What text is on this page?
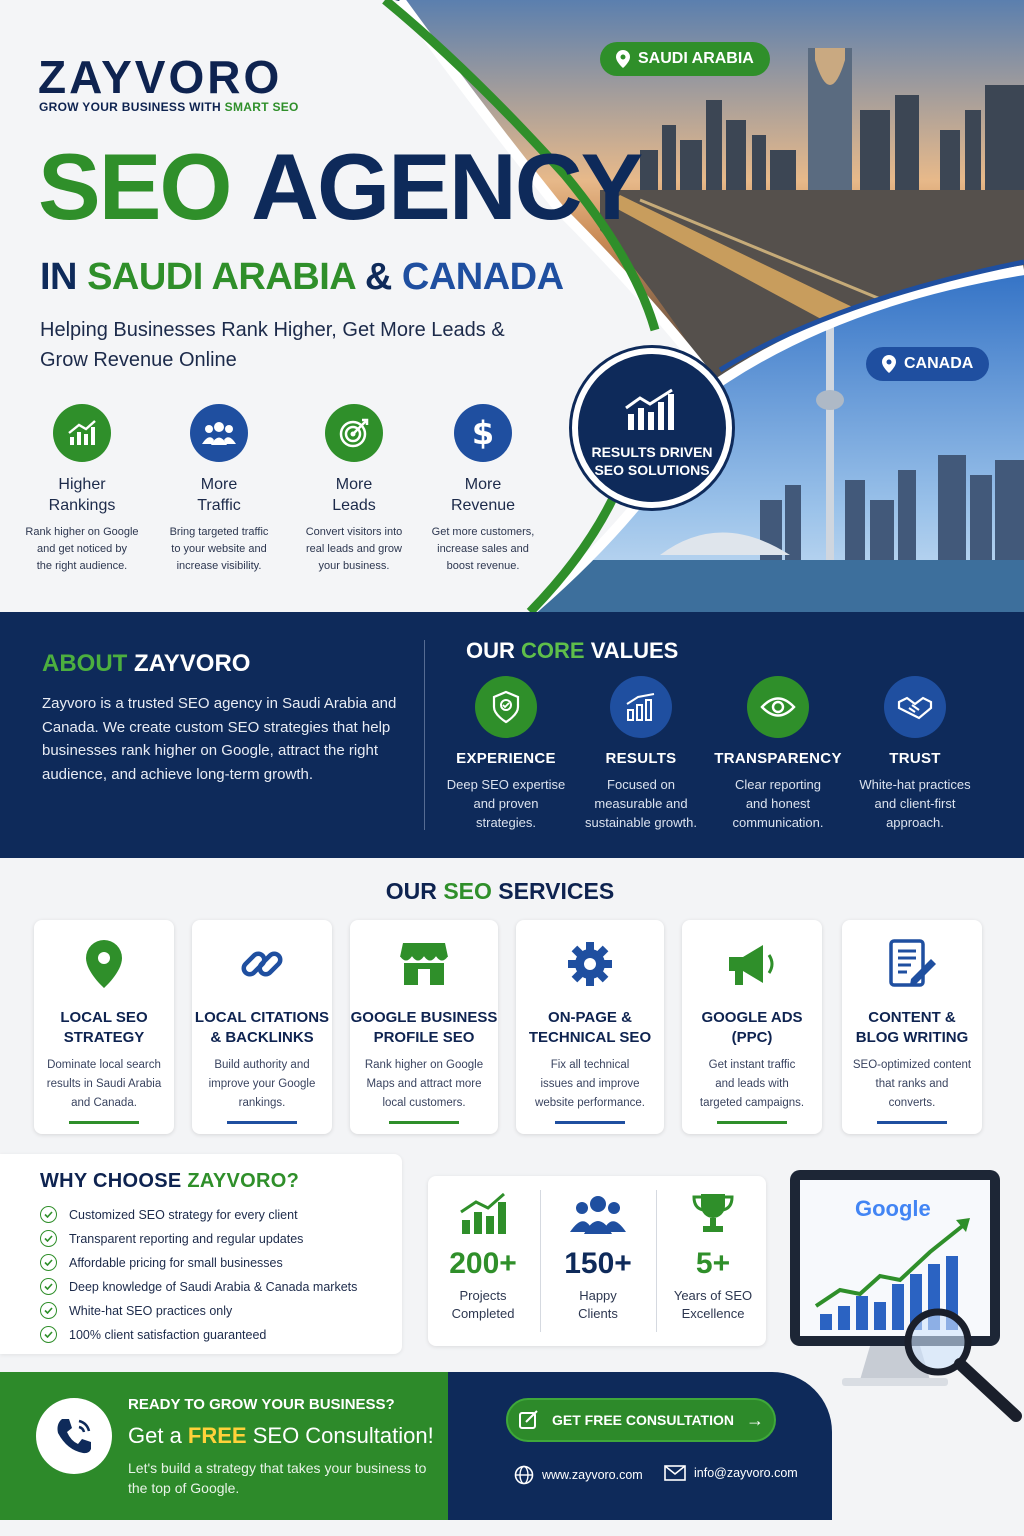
ZAYVORO
GROW YOUR BUSINESS WITH SMART SEO
SEO AGENCY
IN SAUDI ARABIA & CANADA
Helping Businesses Rank Higher, Get More Leads & Grow Revenue Online
Higher
Rankings
Rank higher on Google
and get noticed by
the right audience.
More
Traffic
Bring targeted traffic
to your website and
increase visibility.
More
Leads
Convert visitors into
real leads and grow
your business.
$
More
Revenue
Get more customers,
increase sales and
boost revenue.
SAUDI ARABIA
CANADA
RESULTS DRIVEN
SEO SOLUTIONS
ABOUT ZAYVORO
Zayvoro is a trusted SEO agency in Saudi Arabia and Canada. We create custom SEO strategies that help businesses rank higher on Google, attract the right audience, and achieve long-term growth.
OUR CORE VALUES
EXPERIENCE
Deep SEO expertise
and proven
strategies.
RESULTS
Focused on
measurable and
sustainable growth.
TRANSPARENCY
Clear reporting
and honest
communication.
TRUST
White-hat practices
and client-first
approach.
OUR SEO SERVICES
LOCAL SEO
STRATEGY
Dominate local search
results in Saudi Arabia
and Canada.
LOCAL CITATIONS
& BACKLINKS
Build authority and
improve your Google
rankings.
GOOGLE BUSINESS
PROFILE SEO
Rank higher on Google
Maps and attract more
local customers.
ON-PAGE &
TECHNICAL SEO
Fix all technical
issues and improve
website performance.
GOOGLE ADS
(PPC)
Get instant traffic
and leads with
targeted campaigns.
CONTENT &
BLOG WRITING
SEO-optimized content
that ranks and
converts.
WHY CHOOSE ZAYVORO?
Customized SEO strategy for every client
Transparent reporting and regular updates
Affordable pricing for small businesses
Deep knowledge of Saudi Arabia & Canada markets
White-hat SEO practices only
100% client satisfaction guaranteed
200+
Projects
Completed
150+
Happy
Clients
5+
Years of SEO
Excellence
Google
READY TO GROW YOUR BUSINESS?
Get a FREE SEO Consultation!
Let's build a strategy that takes your business to the top of Google.
GET FREE CONSULTATION →
www.zayvoro.com	info@zayvoro.com
